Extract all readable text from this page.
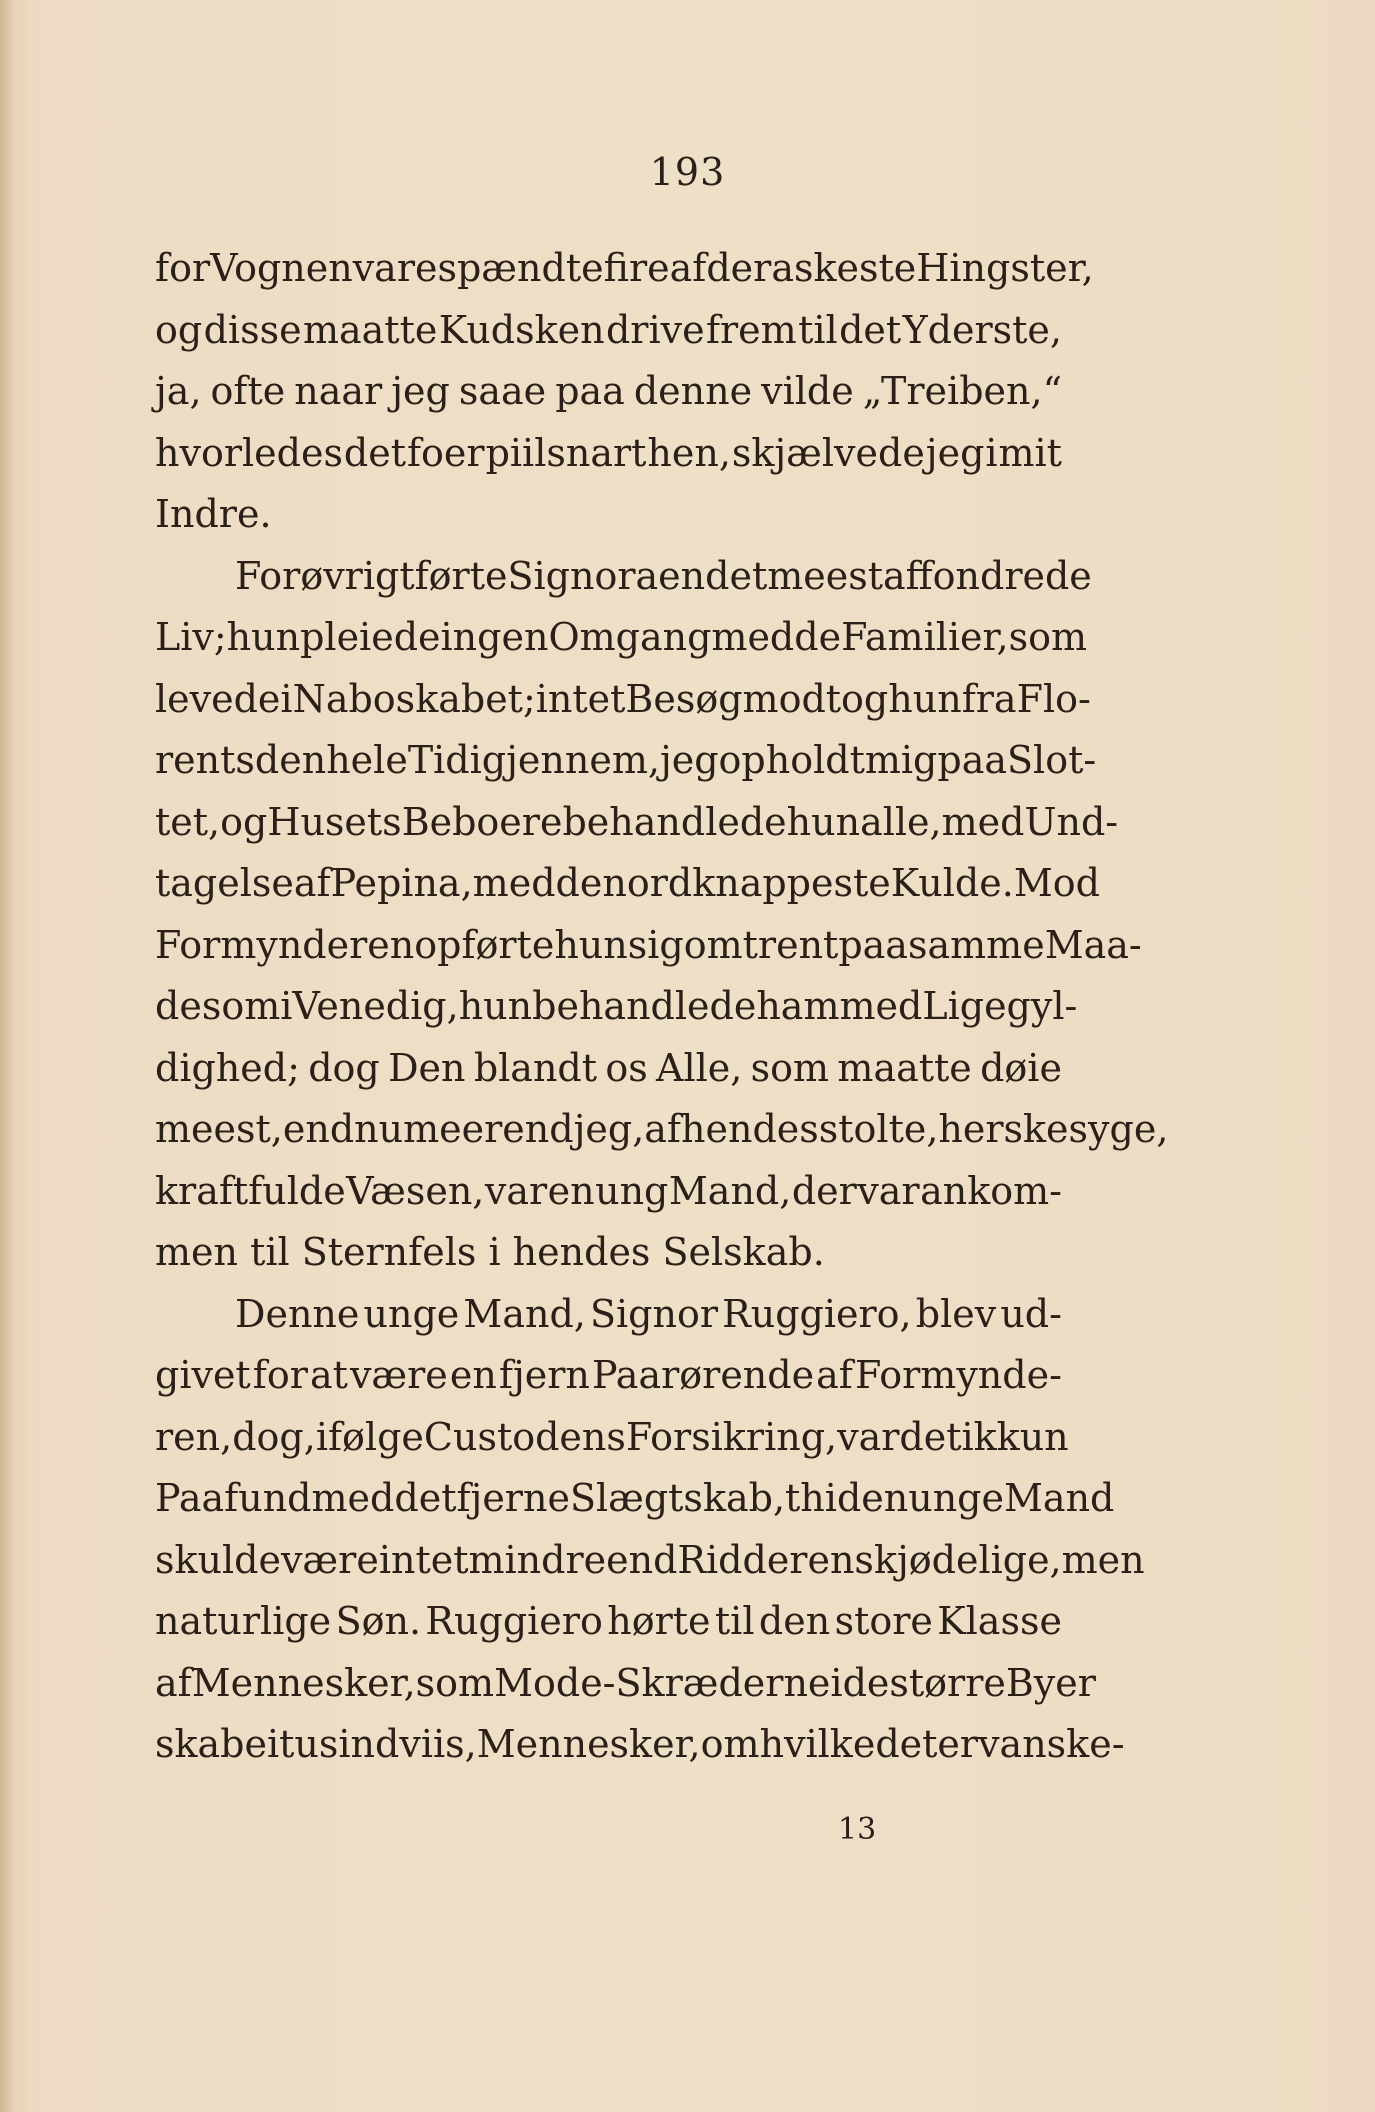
193
for Vognen vare spændte fire af de raskeste Hingster,
og disse maatte Kudsken drive frem til det Yderste,
ja, ofte naar jeg saae paa denne vilde „Treiben,“
hvorledes det foer piilsnart hen, skjælvede jeg i mit
Indre.
Forøvrigt førte Signoraen det meest affondrede
Liv; hun pleiede ingen Omgang med de Familier, som
levede i Naboskabet; intet Besøg modtog hun fra Flo-
rents den hele Tid igjennem, jeg opholdt mig paa Slot-
tet, og Husets Beboere behandlede hun alle, med Und-
tagelse af Pepina, med den ordknappeste Kulde. Mod
Formynderen opførte hun sig omtrent paa samme Maa-
de som i Venedig, hun behandlede ham med Ligegyl-
dighed; dog Den blandt os Alle, som maatte døie
meest, endnu meer end jeg, af hendes stolte, herskesyge,
kraftfulde Væsen, var en ung Mand, der var ankom-
men til Sternfels i hendes Selskab.
Denne unge Mand, Signor Ruggiero, blev ud-
givet for at være en fjern Paarørende af Formynde-
ren, dog, ifølge Custodens Forsikring, var det ikkun
Paafund med det fjerne Slægtskab, thi den unge Mand
skulde være intet mindre end Ridderens kjødelige, men
naturlige Søn. Ruggiero hørte til den store Klasse
af Mennesker, som Mode-Skræderne i de større Byer
skabe i tusindviis, Mennesker, om hvilke det er vanske-
13
